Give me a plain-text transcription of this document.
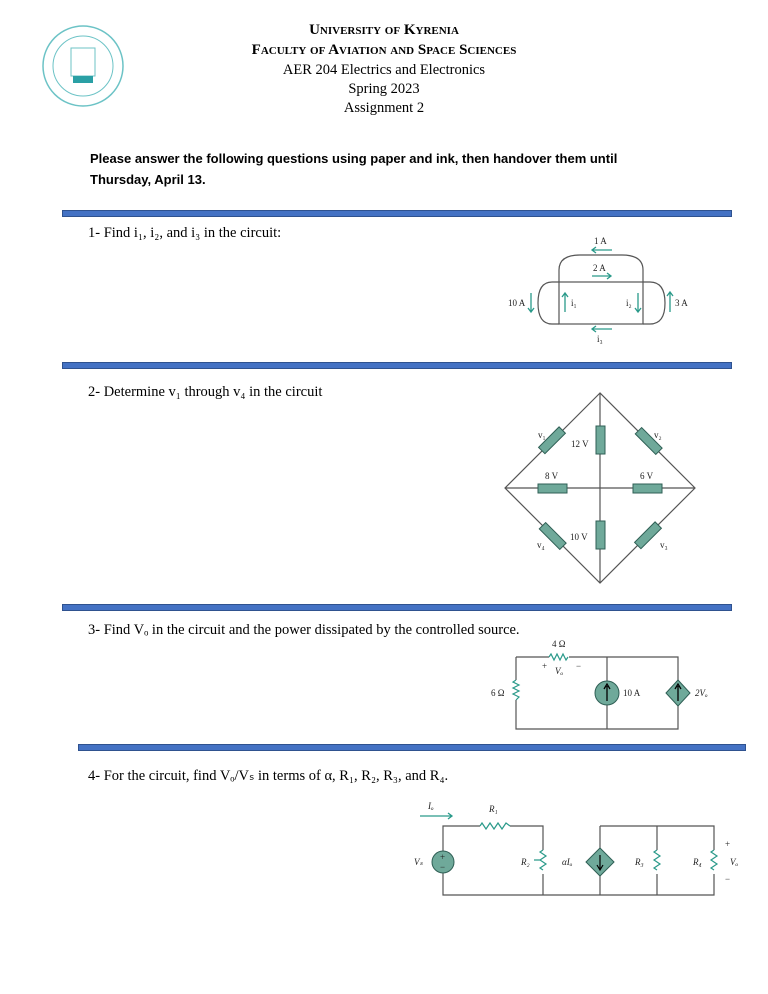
University of Kyrenia
Faculty of Aviation and Space Sciences
AER 204 Electrics and Electronics
Spring 2023
Assignment 2
Please answer the following questions using paper and ink, then handover them until Thursday, April 13.
1- Find i₁, i₂, and i₃ in the circuit:
2- Determine v₁ through v₄ in the circuit
3- Find Vₒ in the circuit and the power dissipated by the controlled source.
4- For the circuit, find Vₒ/Vₛ in terms of α, R₁, R₂, R₃, and R₄.
1 A
2 A
10 A	i₁	i₂	3 A
i₃
v₁	v₂
v₃
v₄
12 V
8 V	6 V
10 V
4 Ω
6 Ω
Vₒ
+	−
10 A	2Vₒ
+
−
Iₒ	R₁
R₂	αIₒ	R₃	R₄
Vₛ	Vₒ
+
−
